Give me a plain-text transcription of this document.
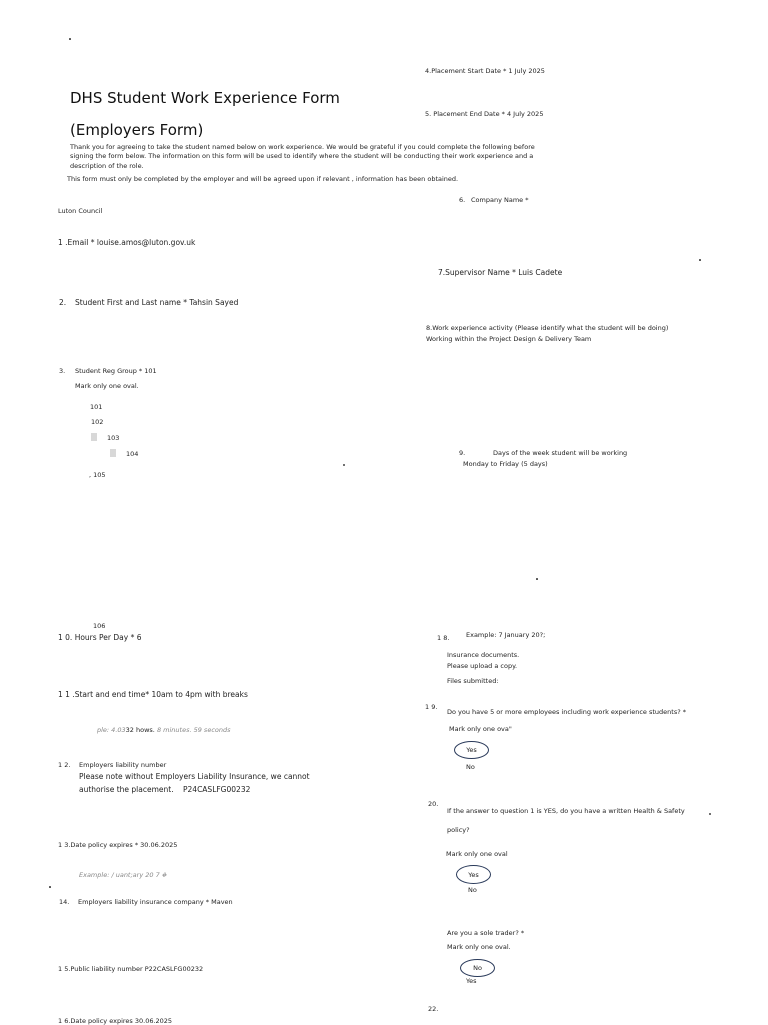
DHS Student Work Experience Form
(Employers Form)
Thank you for agreeing to take the student named below on work experience. We would be grateful if you could complete the following before signing the form below. The information on this form will be used to identify where the student will be conducting their work experience and a description of the role.
This form must only be completed by the employer and will be agreed upon if relevant , information has been obtained.
Luton Council
1 .Email * louise.amos@luton.gov.uk
2. Student First and Last name * Tahsin Sayed
3. Student Reg Group * 101
Mark only one oval.
101
102
103
104
, 105
106
1 0. Hours Per Day * 6
1 1 .Start and end time* 10am to 4pm with breaks
ple: 4.0332 hows. 8 minutes. 59 seconds
1 2. Employers liability number
Please note without Employers Liability Insurance, we cannot
authorise the placement. P24CASLFG00232
1 3.Date policy expires * 30.06.2025
Example: / uant;ary 20 7 #
14. Employers liability insurance company * Maven
1 5.Public liability number P22CASLFG00232
1 6.Date policy expires 30.06.2025
4.Placement Start Date * 1 July 2025
5. Placement End Date * 4 July 2025
6. Company Name *
7.Supervisor Name * Luis Cadete
8.Work experience activity (Please identify what the student will be doing)
Working within the Project Design & Delivery Team
9.	Days of the week student will be working
Monday to Friday (5 days)
1 8.	Example: 7 January 20?;
Insurance documents.
Please upload a copy.
Files submitted:
1 9.
Do you have 5 or more employees including work experience students? *
Mark only one ova"
Yes
No
20.
If the answer to question 1 is YES, do you have a written Health & Safety
policy?
Mark only one oval
Yes
No
Are you a sole trader? *
Mark only one oval.
No
Yes
22.
